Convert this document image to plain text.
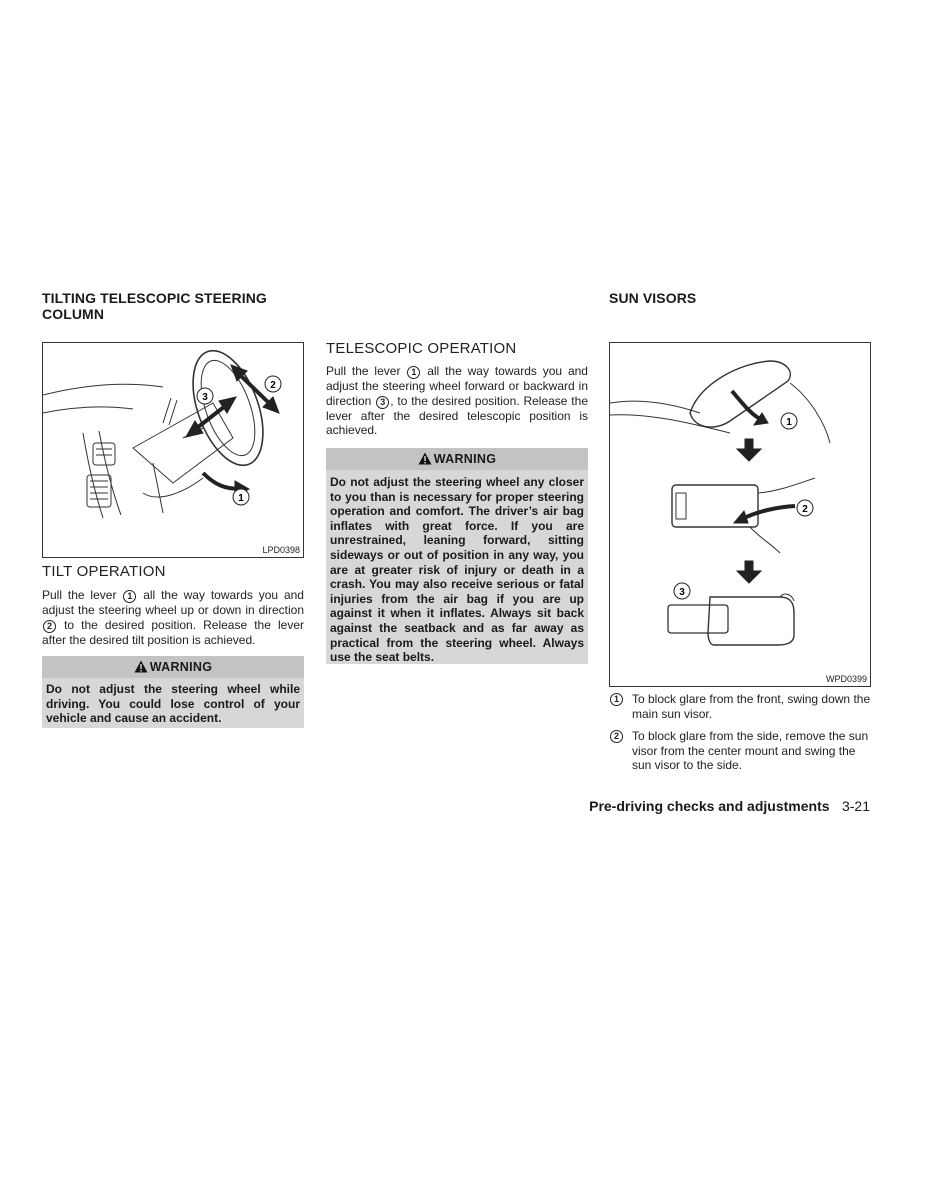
TILTING TELESCOPIC STEERING COLUMN
2
3
1
LPD0398
TILT OPERATION
Pull the lever 1 all the way towards you and adjust the steering wheel up or down in direction 2 to the desired position. Release the lever after the desired tilt position is achieved.
WARNING
Do not adjust the steering wheel while driving. You could lose control of your vehicle and cause an accident.
TELESCOPIC OPERATION
Pull the lever 1 all the way towards you and adjust the steering wheel forward or backward in direction 3 , to the desired position. Release the lever after the desired telescopic position is achieved.
WARNING
Do not adjust the steering wheel any closer to you than is necessary for proper steering operation and comfort. The driver’s air bag inflates with great force. If you are unrestrained, leaning forward, sitting sideways or out of position in any way, you are at greater risk of injury or death in a crash. You may also receive serious or fatal injuries from the air bag if you are up against it when it inflates. Always sit back against the seatback and as far away as practical from the steering wheel. Always use the seat belts.
SUN VISORS
1
2
3
WPD0399
1	To block glare from the front, swing down the main sun visor.
2	To block glare from the side, remove the sun visor from the center mount and swing the sun visor to the side.
Pre-driving checks and adjustments 3-21
